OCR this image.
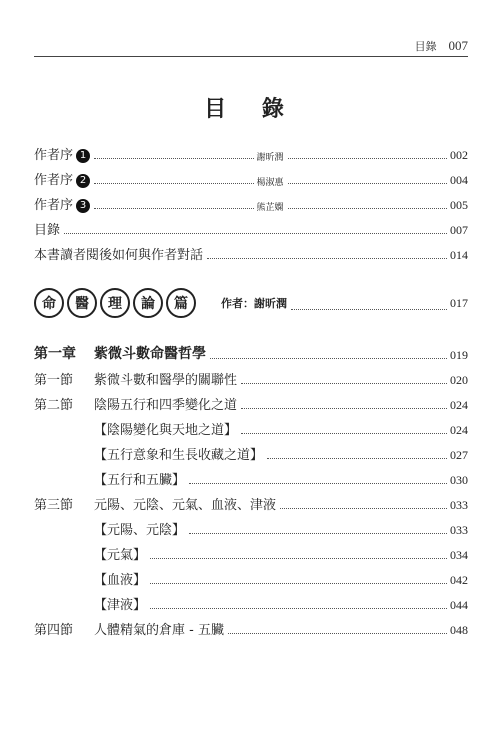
目錄 007
目 錄
作者序 1	謝昕潤	002
作者序 2	楊淑惠	004
作者序 3	熊芷嫻	005
目錄	007
本書讀者閱後如何與作者對話	014
命	醫	理	論	篇	作者：謝昕潤	017
第一章	紫微斗數命醫哲學	019
第一節	紫微斗數和醫學的關聯性	020
第二節	陰陽五行和四季變化之道	024
【陰陽變化與天地之道】	024
【五行意象和生長收藏之道】	027
【五行和五臟】	030
第三節	元陽、元陰、元氣、血液、津液	033
【元陽、元陰】	033
【元氣】	034
【血液】	042
【津液】	044
第四節	人體精氣的倉庫 - 五臟	048
